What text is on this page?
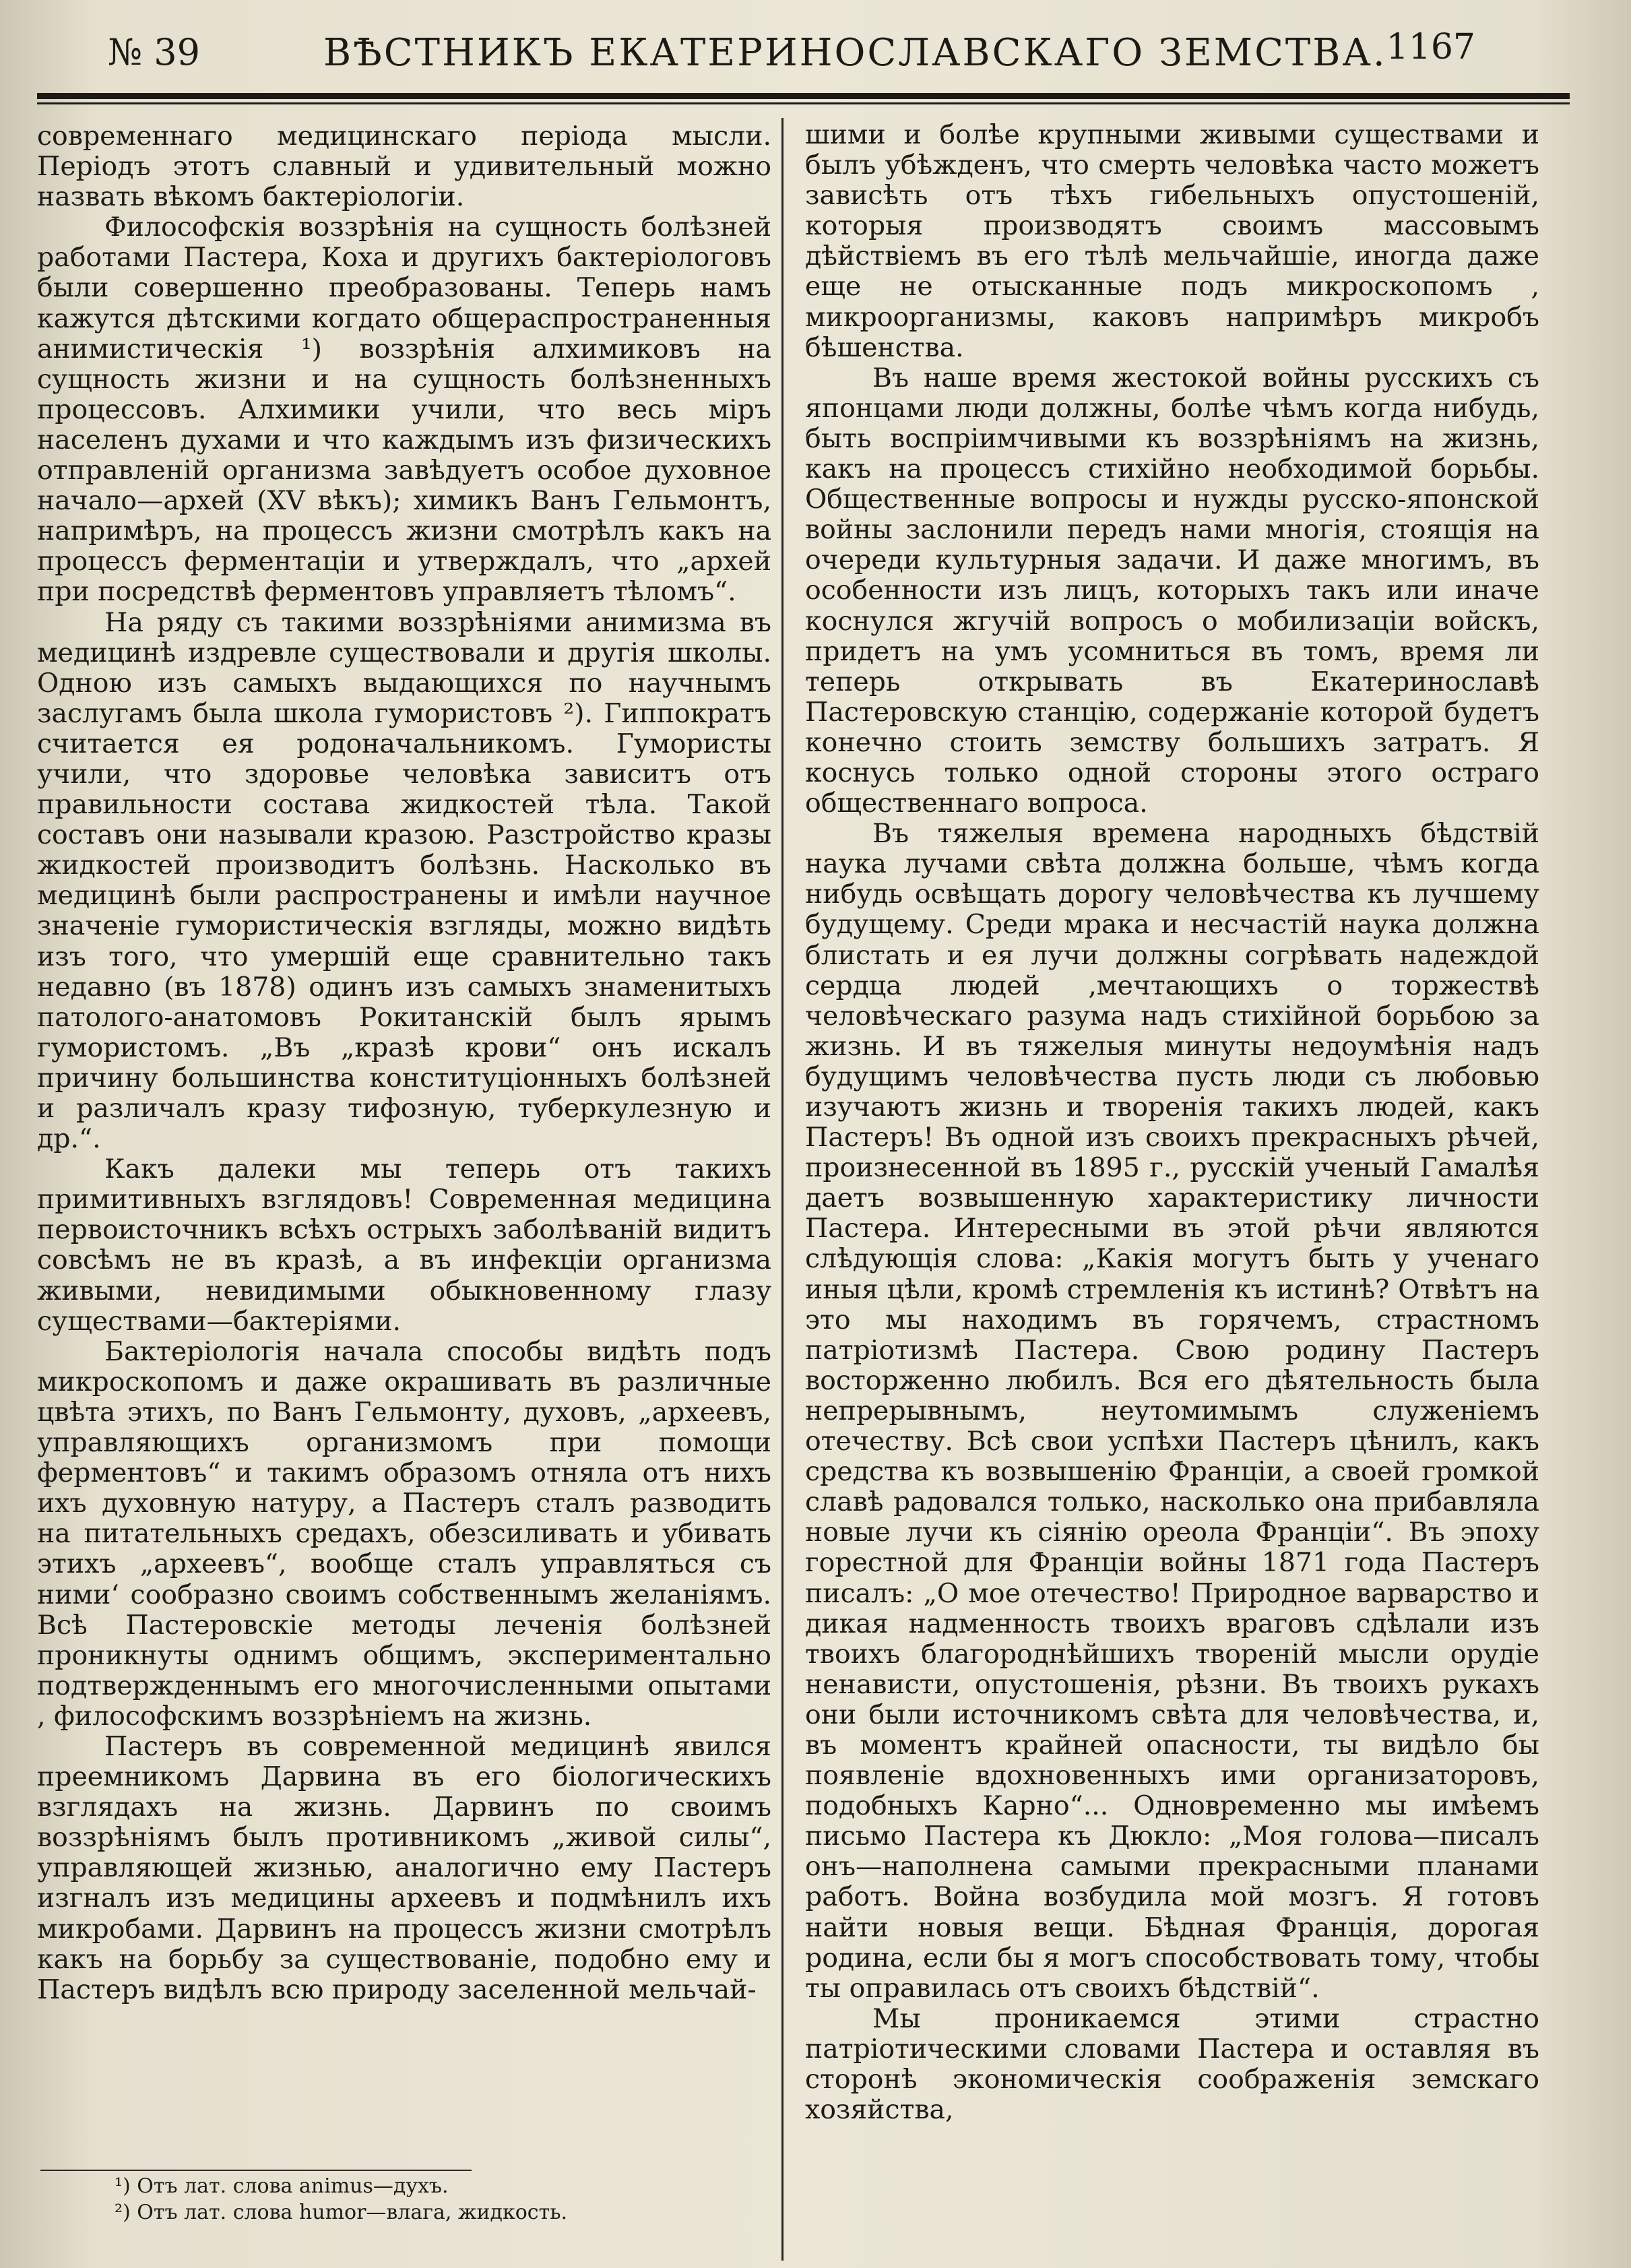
№ 39	ВѢСТНИКЪ ЕКАТЕРИНОСЛАВСКАГО ЗЕМСТВА. 1167

современнаго медицинскаго періода мысли. Періодъ этотъ славный и удивительный можно назвать вѣкомъ бактеріологіи.

Философскія воззрѣнія на сущность болѣзней работами Пастера, Коха и другихъ бактеріологовъ были совершенно преобразованы. Теперь намъ кажутся дѣтскими когдато общераспространенныя анимистическія ¹) воззрѣнія алхимиковъ на сущность жизни и на сущность болѣзненныхъ процессовъ. Алхимики учили, что весь міръ населенъ духами и что каждымъ изъ физическихъ отправленій организма завѣдуетъ особое духовное начало—архей (XV вѣкъ); химикъ Ванъ Гельмонтъ, напримѣръ, на процессъ жизни смотрѣлъ какъ на процессъ ферментаціи и утверждалъ, что „архей при посредствѣ ферментовъ управляетъ тѣломъ“.

На ряду съ такими воззрѣніями анимизма въ медицинѣ издревле существовали и другія школы. Одною изъ самыхъ выдающихся по научнымъ заслугамъ была школа гумористовъ ²). Гиппократъ считается ея родоначальникомъ. Гумористы учили, что здоровье человѣка зависитъ отъ правильности состава жидкостей тѣла. Такой составъ они называли кразою. Разстройство кразы жидкостей производитъ болѣзнь. Насколько въ медицинѣ были распространены и имѣли научное значеніе гумористическія взгляды, можно видѣть изъ того, что умершій еще сравнительно такъ недавно (въ 1878) одинъ изъ самыхъ знаменитыхъ патолого-анатомовъ Рокитанскій былъ ярымъ гумористомъ. „Въ „кразѣ крови“ онъ искалъ причину большинства конституціонныхъ болѣзней и различалъ кразу тифозную, туберкулезную и др.“.

Какъ далеки мы теперь отъ такихъ примитивныхъ взглядовъ! Современная медицина первоисточникъ всѣхъ острыхъ заболѣваній видитъ совсѣмъ не въ кразѣ, а въ инфекціи организма живыми, невидимыми обыкновенному глазу существами—бактеріями.

Бактеріологія начала способы видѣть подъ микроскопомъ и даже окрашивать въ различные цвѣта этихъ, по Ванъ Гельмонту, духовъ, „археевъ, управляющихъ организмомъ при помощи ферментовъ“ и такимъ образомъ отняла отъ нихъ ихъ духовную натуру, а Пастеръ сталъ разводить на питательныхъ средахъ, обезсиливать и убивать этихъ „археевъ“, вообще сталъ управляться съ ними‘ сообразно своимъ собственнымъ желаніямъ. Всѣ Пастеровскіе методы леченія болѣзней проникнуты однимъ общимъ, экспериментально подтвержденнымъ его многочисленными опытами , философскимъ воззрѣніемъ на жизнь.

Пастеръ въ современной медицинѣ явился преемникомъ Дарвина въ его біологическихъ взглядахъ на жизнь. Дарвинъ по своимъ воззрѣніямъ былъ противникомъ „живой силы“, управляющей жизнью, аналогично ему Пастеръ изгналъ изъ медицины археевъ и подмѣнилъ ихъ микробами. Дарвинъ на процессъ жизни смотрѣлъ какъ на борьбу за существованіе, подобно ему и Пастеръ видѣлъ всю природу заселенной мельчай-

шими и болѣе крупными живыми существами и былъ убѣжденъ, что смерть человѣка часто можетъ зависѣть отъ тѣхъ гибельныхъ опустошеній, которыя производятъ своимъ массовымъ дѣйствіемъ въ его тѣлѣ мельчайшіе, иногда даже еще не отысканные подъ микроскопомъ , микроорганизмы, каковъ напримѣръ микробъ бѣшенства.

Въ наше время жестокой войны русскихъ съ японцами люди должны, болѣе чѣмъ когда нибудь, быть воспріимчивыми къ воззрѣніямъ на жизнь, какъ на процессъ стихійно необходимой борьбы. Общественные вопросы и нужды русско-японской войны заслонили передъ нами многія, стоящія на очереди культурныя задачи. И даже многимъ, въ особенности изъ лицъ, которыхъ такъ или иначе коснулся жгучій вопросъ о мобилизаціи войскъ, придетъ на умъ усомниться въ томъ, время ли теперь открывать въ Екатеринославѣ Пастеровскую станцію, содержаніе которой будетъ конечно стоить земству большихъ затратъ. Я коснусь только одной стороны этого остраго общественнаго вопроса.

Въ тяжелыя времена народныхъ бѣдствій наука лучами свѣта должна больше, чѣмъ когда нибудь освѣщать дорогу человѣчества къ лучшему будущему. Среди мрака и несчастій наука должна блистать и ея лучи должны согрѣвать надеждой сердца людей ,мечтающихъ о торжествѣ человѣческаго разума надъ стихійной борьбою за жизнь. И въ тяжелыя минуты недоумѣнія надъ будущимъ человѣчества пусть люди съ любовью изучаютъ жизнь и творенія такихъ людей, какъ Пастеръ! Въ одной изъ своихъ прекрасныхъ рѣчей, произнесенной въ 1895 г., русскій ученый Гамалѣя даетъ возвышенную характеристику личности Пастера. Интересными въ этой рѣчи являются слѣдующія слова: „Какія могутъ быть у ученаго иныя цѣли, кромѣ стремленія къ истинѣ? Отвѣтъ на это мы находимъ въ горячемъ, страстномъ патріотизмѣ Пастера. Свою родину Пастеръ восторженно любилъ. Вся его дѣятельность была непрерывнымъ, неутомимымъ служеніемъ отечеству. Всѣ свои успѣхи Пастеръ цѣнилъ, какъ средства къ возвышенію Франціи, а своей громкой славѣ радовался только, насколько она прибавляла новые лучи къ сіянію ореола Франціи“. Въ эпоху горестной для Франціи войны 1871 года Пастеръ писалъ: „О мое отечество! Природное варварство и дикая надменность твоихъ враговъ сдѣлали изъ твоихъ благороднѣйшихъ твореній мысли орудіе ненависти, опустошенія, рѣзни. Въ твоихъ рукахъ они были источникомъ свѣта для человѣчества, и, въ моментъ крайней опасности, ты видѣло бы появленіе вдохновенныхъ ими организаторовъ, подобныхъ Карно“... Одновременно мы имѣемъ письмо Пастера къ Дюкло: „Моя голова—писалъ онъ—наполнена самыми прекрасными планами работъ. Война возбудила мой мозгъ. Я готовъ найти новыя вещи. Бѣдная Франція, дорогая родина, если бы я могъ способствовать тому, чтобы ты оправилась отъ своихъ бѣдствій“.

Мы проникаемся этими страстно патріотическими словами Пастера и оставляя въ сторонѣ экономическія соображенія земскаго хозяйства,

¹) Отъ лат. слова animus—духъ.
²) Отъ лат. слова humor—влага, жидкость.
